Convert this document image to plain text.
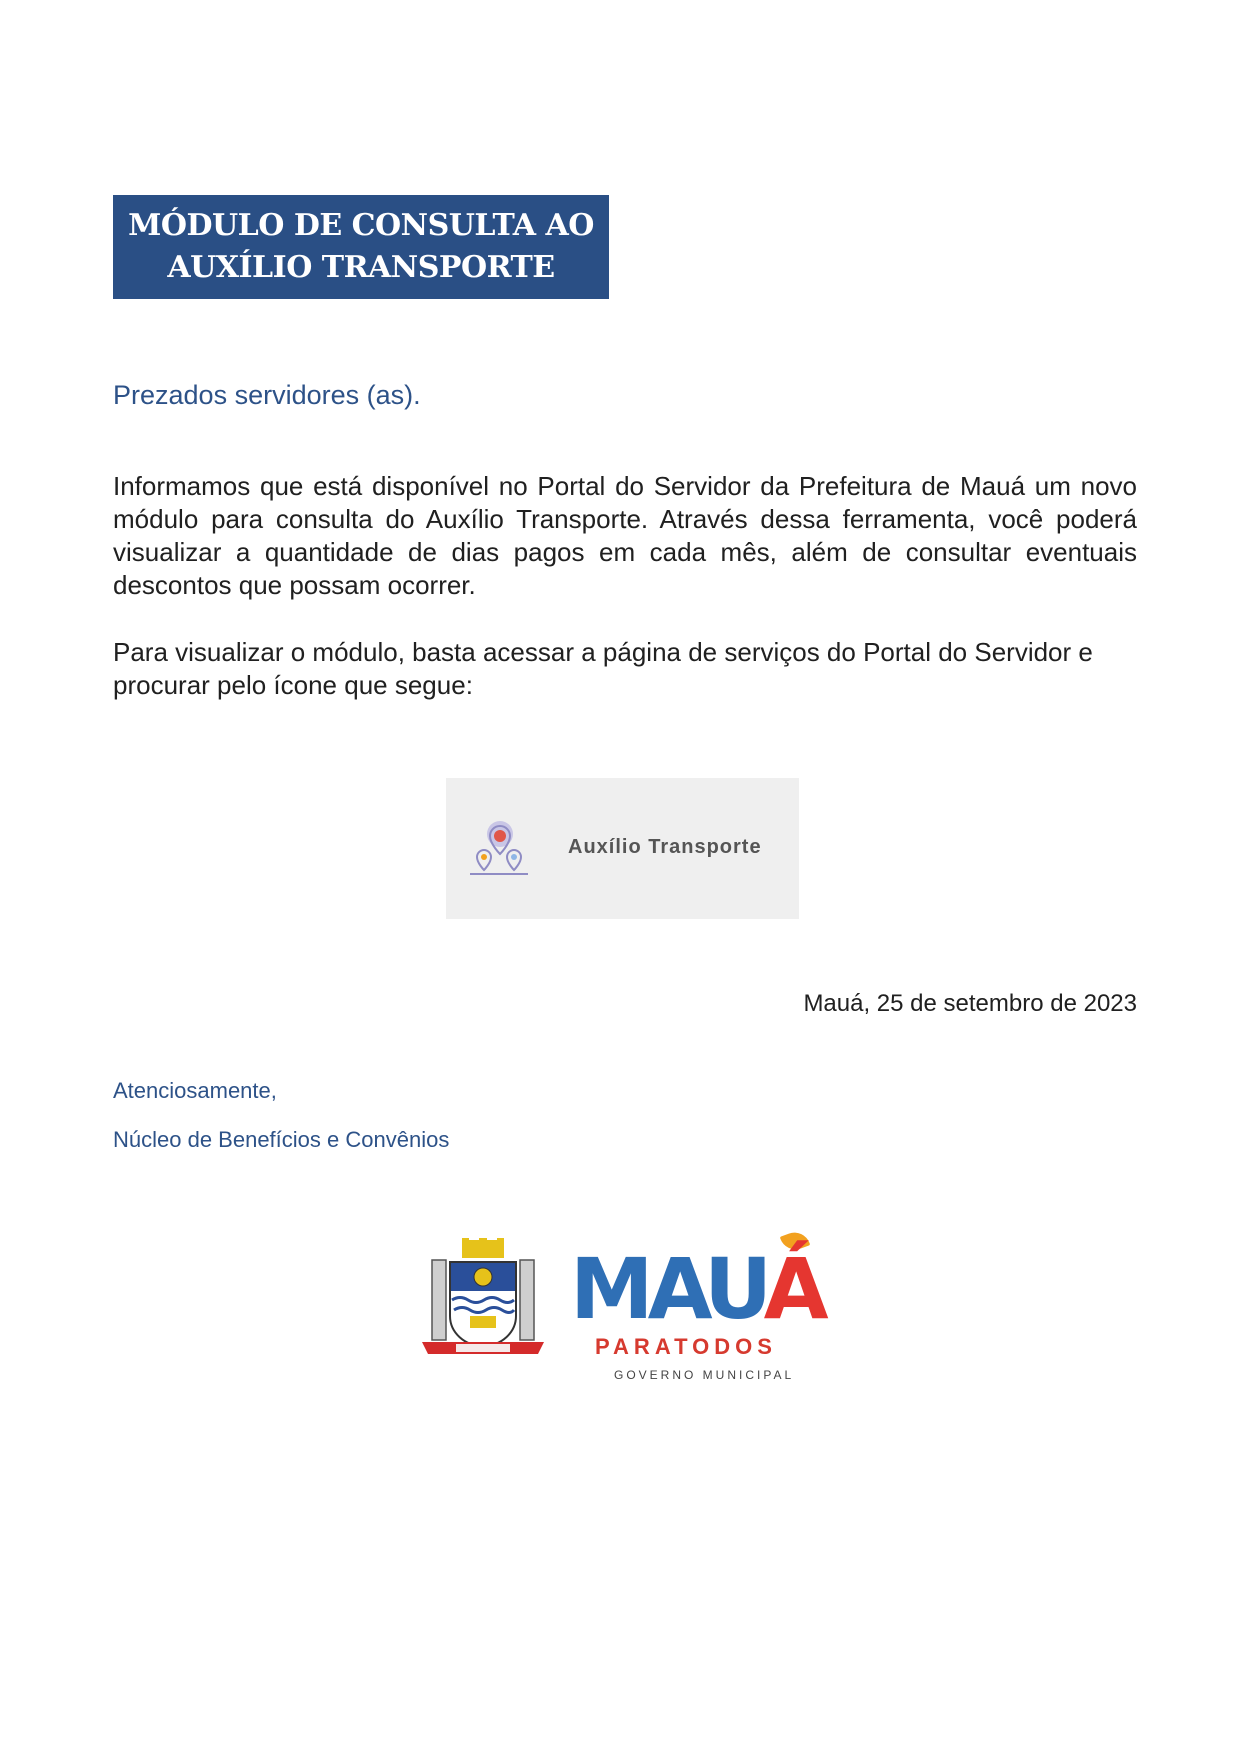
MÓDULO DE CONSULTA AO
AUXÍLIO TRANSPORTE
Prezados servidores (as).
Informamos que está disponível no Portal do Servidor da Prefeitura de Mauá um novo módulo para consulta do Auxílio Transporte. Através dessa ferramenta, você poderá visualizar a quantidade de dias pagos em cada mês, além de consultar eventuais descontos que possam ocorrer.
Para visualizar o módulo, basta acessar a página de serviços do Portal do Servidor e procurar pelo ícone que segue:
Auxílio Transporte
Mauá, 25 de setembro de 2023
Atenciosamente,
Núcleo de Benefícios e Convênios
MAUÁ
PARATODOS
GOVERNO MUNICIPAL
